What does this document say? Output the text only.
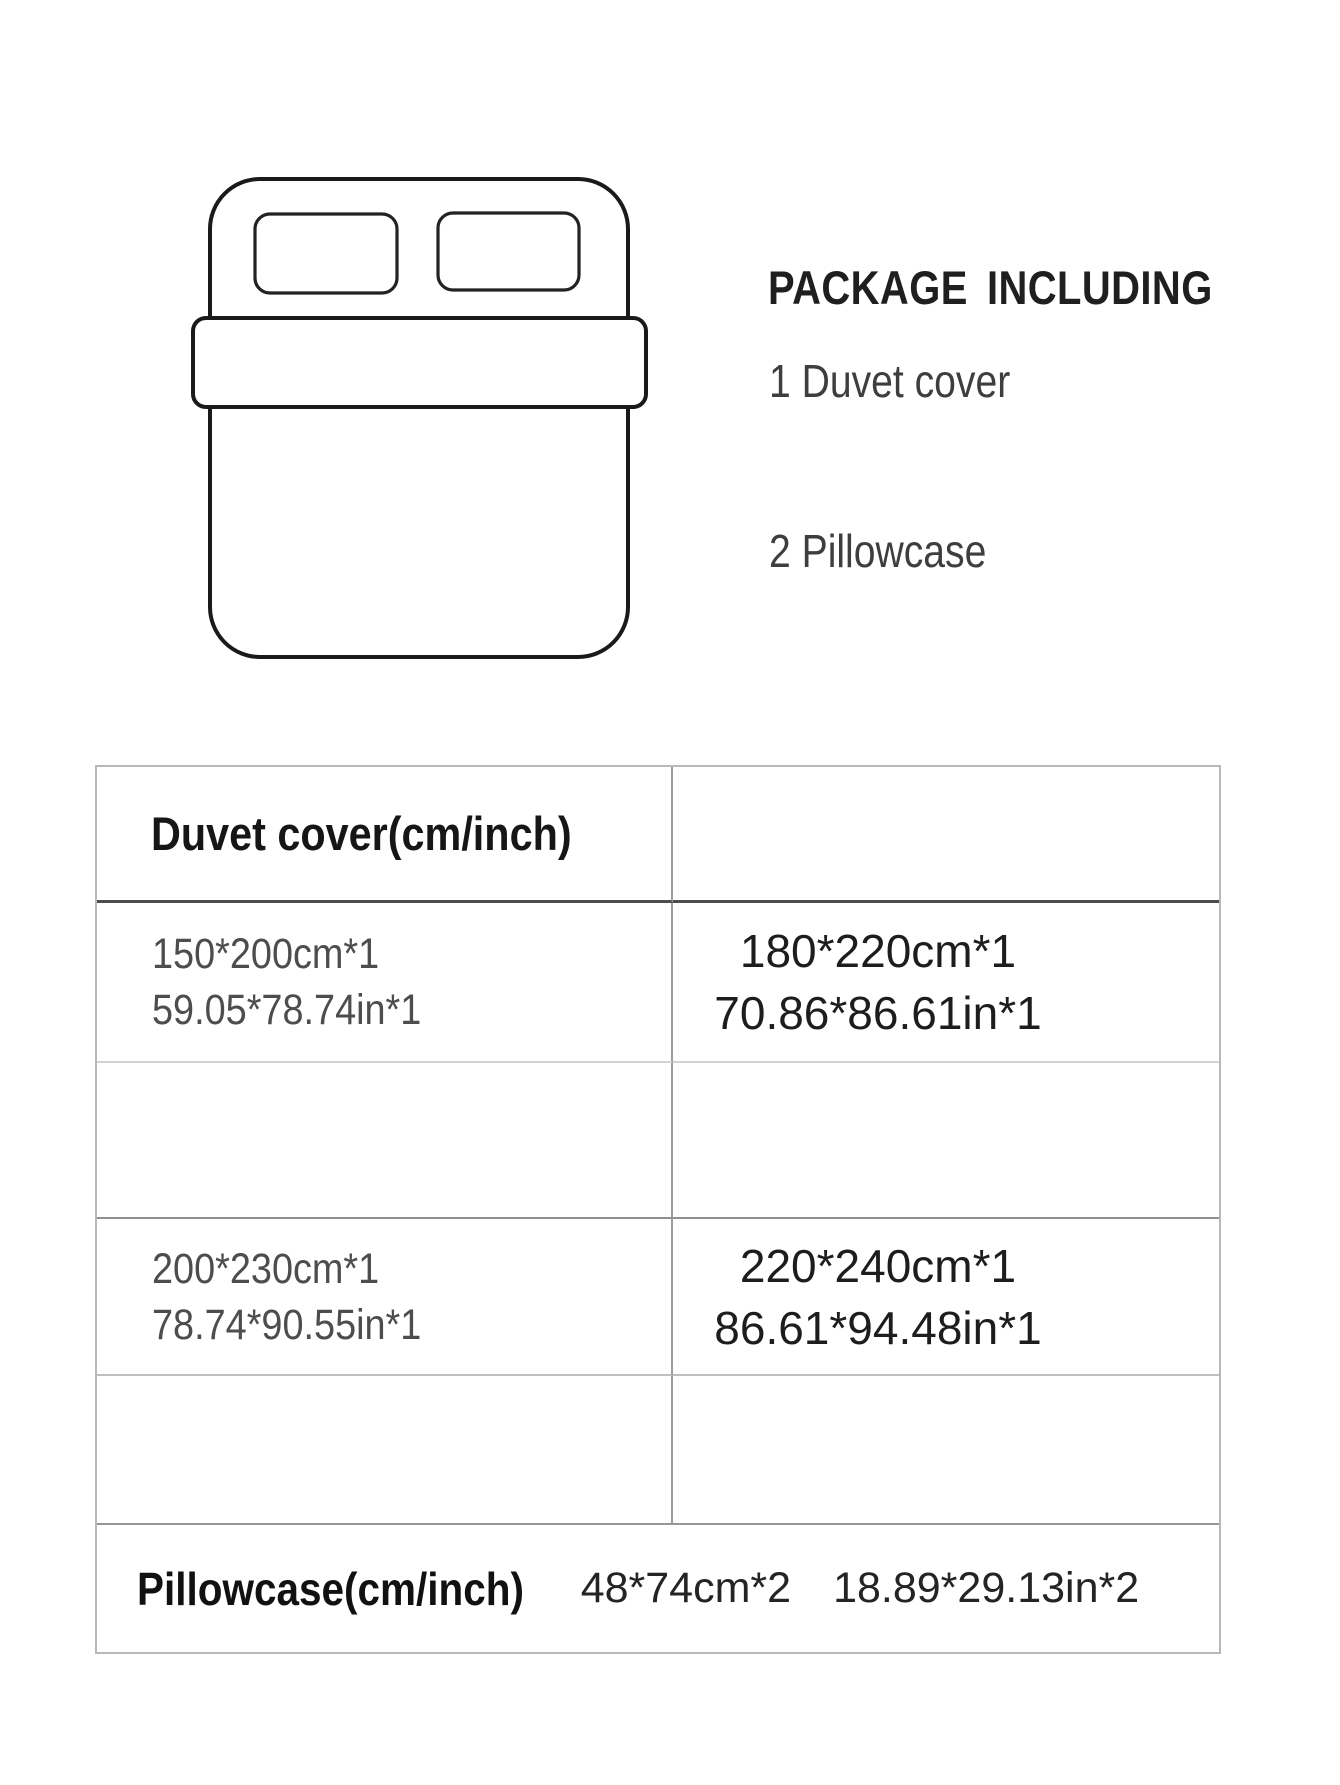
PACKAGE INCLUDING
1 Duvet cover
2 Pillowcase
Duvet cover(cm/inch)
150*200cm*1
59.05*78.74in*1
180*220cm*1
70.86*86.61in*1
200*230cm*1
78.74*90.55in*1
220*240cm*1
86.61*94.48in*1
Pillowcase(cm/inch) 48*74cm*2 18.89*29.13in*2
